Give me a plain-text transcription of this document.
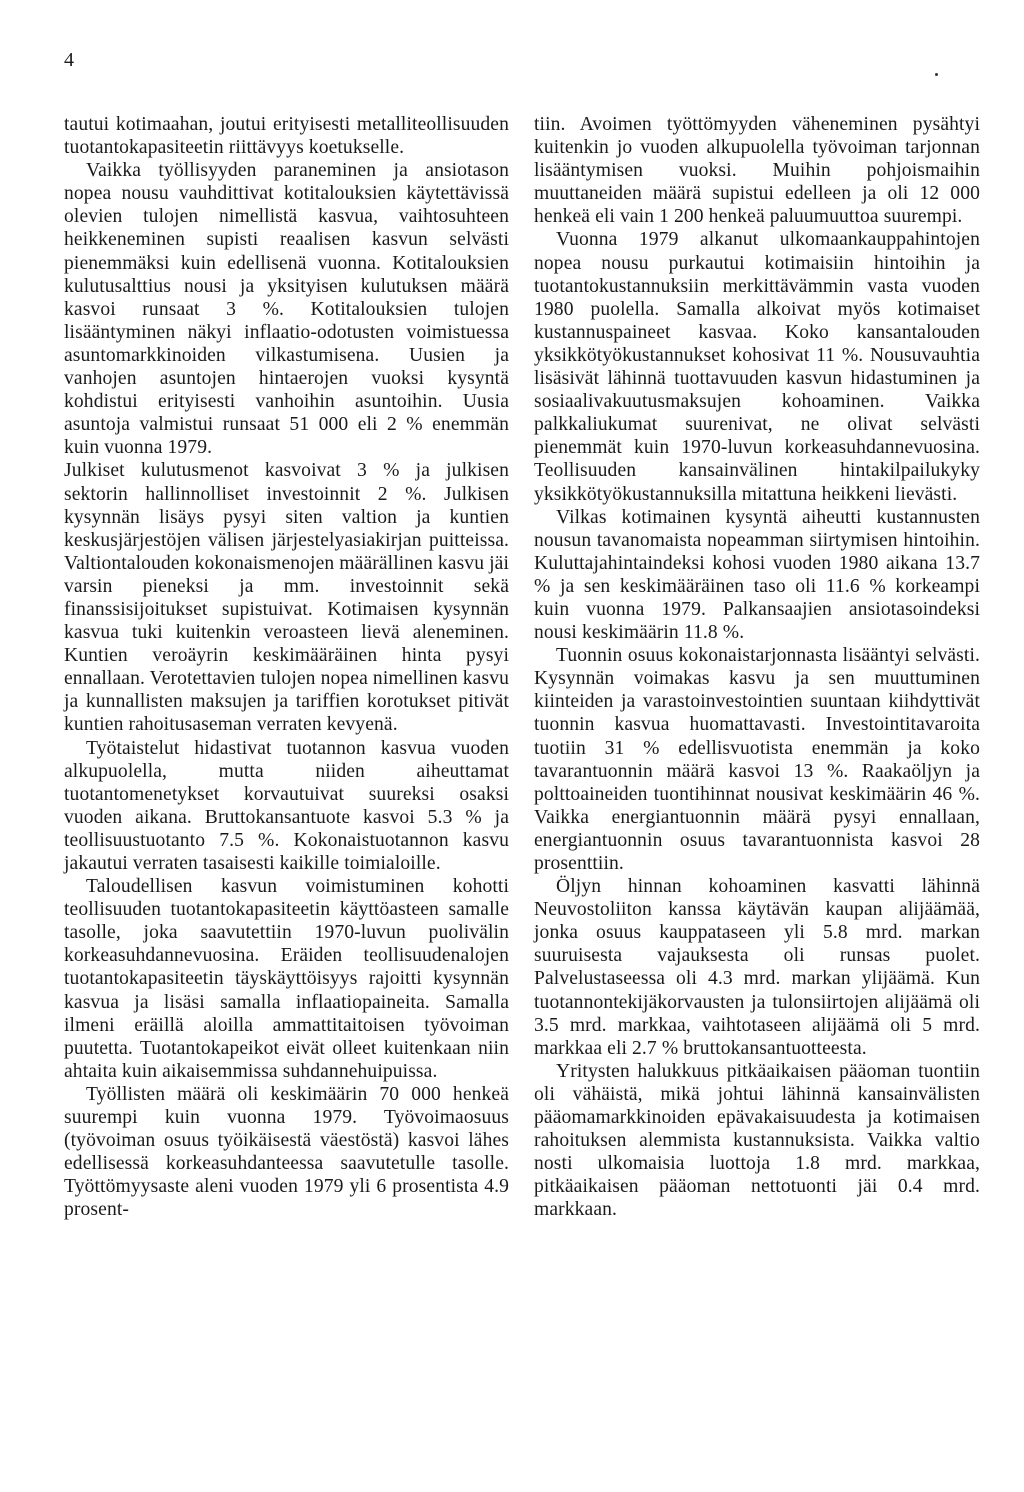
4

tautui kotimaahan, joutui erityisesti metalliteollisuuden tuotantokapasiteetin riittävyys koetukselle.

Vaikka työllisyyden paraneminen ja ansiotason nopea nousu vauhdittivat kotitalouksien käytettävissä olevien tulojen nimellistä kasvua, vaihtosuhteen heikkeneminen supisti reaalisen kasvun selvästi pienemmäksi kuin edellisenä vuonna. Kotitalouksien kulutusalttius nousi ja yksityisen kulutuksen määrä kasvoi runsaat 3 %. Kotitalouksien tulojen lisääntyminen näkyi inflaatio-odotusten voimistuessa asuntomarkkinoiden vilkastumisena. Uusien ja vanhojen asuntojen hintaerojen vuoksi kysyntä kohdistui erityisesti vanhoihin asuntoihin. Uusia asuntoja valmistui runsaat 51 000 eli 2 % enemmän kuin vuonna 1979.

Julkiset kulutusmenot kasvoivat 3 % ja julkisen sektorin hallinnolliset investoinnit 2 %. Julkisen kysynnän lisäys pysyi siten valtion ja kuntien keskusjärjestöjen välisen järjestelyasiakirjan puitteissa. Valtiontalouden kokonaismenojen määrällinen kasvu jäi varsin pieneksi ja mm. investoinnit sekä finanssisijoitukset supistuivat. Kotimaisen kysynnän kasvua tuki kuitenkin veroasteen lievä aleneminen. Kuntien veroäyrin keskimääräinen hinta pysyi ennallaan. Verotettavien tulojen nopea nimellinen kasvu ja kunnallisten maksujen ja tariffien korotukset pitivät kuntien rahoitusaseman verraten kevyenä.

Työtaistelut hidastivat tuotannon kasvua vuoden alkupuolella, mutta niiden aiheuttamat tuotantomenetykset korvautuivat suureksi osaksi vuoden aikana. Bruttokansantuote kasvoi 5.3 % ja teollisuustuotanto 7.5 %. Kokonaistuotannon kasvu jakautui verraten tasaisesti kaikille toimialoille.

Taloudellisen kasvun voimistuminen kohotti teollisuuden tuotantokapasiteetin käyttöasteen samalle tasolle, joka saavutettiin 1970-luvun puolivälin korkeasuhdannevuosina. Eräiden teollisuudenalojen tuotantokapasiteetin täyskäyttöisyys rajoitti kysynnän kasvua ja lisäsi samalla inflaatiopaineita. Samalla ilmeni eräillä aloilla ammattitaitoisen työvoiman puutetta. Tuotantokapeikot eivät olleet kuitenkaan niin ahtaita kuin aikaisemmissa suhdannehuipuissa.

Työllisten määrä oli keskimäärin 70 000 henkeä suurempi kuin vuonna 1979. Työvoimaosuus (työvoiman osuus työikäisestä väestöstä) kasvoi lähes edellisessä korkeasuhdanteessa saavutetulle tasolle. Työttömyysaste aleni vuoden 1979 yli 6 prosentista 4.9 prosent-

tiin. Avoimen työttömyyden väheneminen pysähtyi kuitenkin jo vuoden alkupuolella työvoiman tarjonnan lisääntymisen vuoksi. Muihin pohjoismaihin muuttaneiden määrä supistui edelleen ja oli 12 000 henkeä eli vain 1 200 henkeä paluumuuttoa suurempi.

Vuonna 1979 alkanut ulkomaankauppahintojen nopea nousu purkautui kotimaisiin hintoihin ja tuotantokustannuksiin merkittävämmin vasta vuoden 1980 puolella. Samalla alkoivat myös kotimaiset kustannuspaineet kasvaa. Koko kansantalouden yksikkötyökustannukset kohosivat 11 %. Nousuvauhtia lisäsivät lähinnä tuottavuuden kasvun hidastuminen ja sosiaalivakuutusmaksujen kohoaminen. Vaikka palkkaliukumat suurenivat, ne olivat selvästi pienemmät kuin 1970-luvun korkeasuhdannevuosina. Teollisuuden kansainvälinen hintakilpailukyky yksikkötyökustannuksilla mitattuna heikkeni lievästi.

Vilkas kotimainen kysyntä aiheutti kustannusten nousun tavanomaista nopeamman siirtymisen hintoihin. Kuluttajahintaindeksi kohosi vuoden 1980 aikana 13.7 % ja sen keskimääräinen taso oli 11.6 % korkeampi kuin vuonna 1979. Palkansaajien ansiotasoindeksi nousi keskimäärin 11.8 %.

Tuonnin osuus kokonaistarjonnasta lisääntyi selvästi. Kysynnän voimakas kasvu ja sen muuttuminen kiinteiden ja varastoinvestointien suuntaan kiihdyttivät tuonnin kasvua huomattavasti. Investointitavaroita tuotiin 31 % edellisvuotista enemmän ja koko tavarantuonnin määrä kasvoi 13 %. Raakaöljyn ja polttoaineiden tuontihinnat nousivat keskimäärin 46 %. Vaikka energiantuonnin määrä pysyi ennallaan, energiantuonnin osuus tavarantuonnista kasvoi 28 prosenttiin.

Öljyn hinnan kohoaminen kasvatti lähinnä Neuvostoliiton kanssa käytävän kaupan alijäämää, jonka osuus kauppataseen yli 5.8 mrd. markan suuruisesta vajauksesta oli runsas puolet. Palvelustaseessa oli 4.3 mrd. markan ylijäämä. Kun tuotannontekijäkorvausten ja tulonsiirtojen alijäämä oli 3.5 mrd. markkaa, vaihtotaseen alijäämä oli 5 mrd. markkaa eli 2.7 % bruttokansantuotteesta.

Yritysten halukkuus pitkäaikaisen pääoman tuontiin oli vähäistä, mikä johtui lähinnä kansainvälisten pääomamarkkinoiden epävakaisuudesta ja kotimaisen rahoituksen alemmista kustannuksista. Vaikka valtio nosti ulkomaisia luottoja 1.8 mrd. markkaa, pitkäaikaisen pääoman nettotuonti jäi 0.4 mrd. markkaan.
